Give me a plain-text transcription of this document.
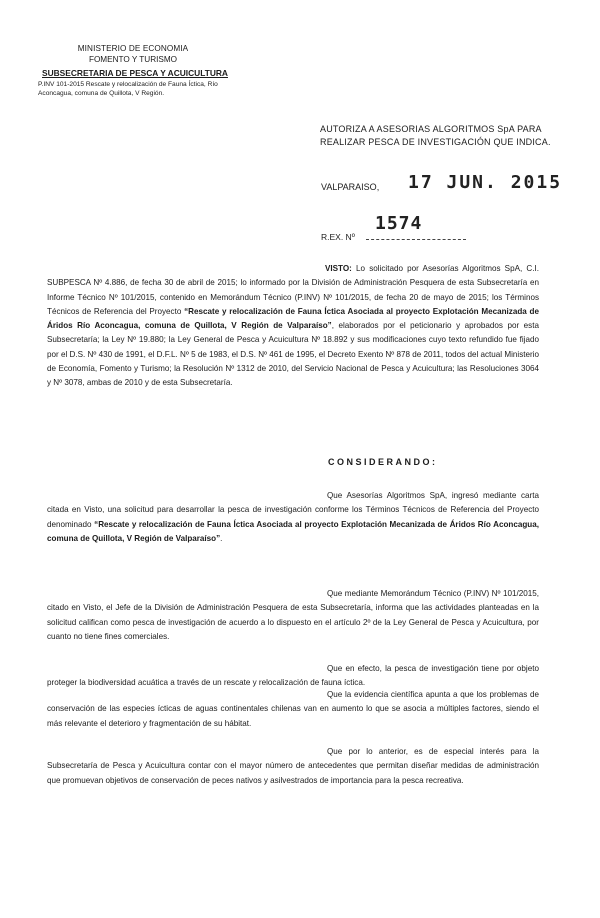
MINISTERIO DE ECONOMIA
FOMENTO Y TURISMO
SUBSECRETARIA DE PESCA Y ACUICULTURA
P.INV 101-2015 Rescate y relocalización de Fauna Íctica, Río
Aconcagua, comuna de Quillota, V Región.
AUTORIZA A ASESORIAS ALGORITMOS SpA PARA
REALIZAR PESCA DE INVESTIGACIÓN QUE INDICA.
VALPARAISO, 17 JUN. 2015
R.EX. Nº
1574
VISTO: Lo solicitado por Asesorías Algoritmos SpA, C.I. SUBPESCA Nº 4.886, de fecha 30 de abril de 2015; lo informado por la División de Administración Pesquera de esta Subsecretaría en Informe Técnico Nº 101/2015, contenido en Memorándum Técnico (P.INV) Nº 101/2015, de fecha 20 de mayo de 2015; los Términos Técnicos de Referencia del Proyecto “Rescate y relocalización de Fauna Íctica Asociada al proyecto Explotación Mecanizada de Áridos Río Aconcagua, comuna de Quillota, V Región de Valparaíso”, elaborados por el peticionario y aprobados por esta Subsecretaría; la Ley Nº 19.880; la Ley General de Pesca y Acuicultura Nº 18.892 y sus modificaciones cuyo texto refundido fue fijado por el D.S. Nº 430 de 1991, el D.F.L. Nº 5 de 1983, el D.S. Nº 461 de 1995, el Decreto Exento Nº 878 de 2011, todos del actual Ministerio de Economía, Fomento y Turismo; la Resolución Nº 1312 de 2010, del Servicio Nacional de Pesca y Acuicultura; las Resoluciones 3064 y Nº 3078, ambas de 2010 y de esta Subsecretaría.
CONSIDERANDO:
Que Asesorías Algoritmos SpA, ingresó mediante carta citada en Visto, una solicitud para desarrollar la pesca de investigación conforme los Términos Técnicos de Referencia del Proyecto denominado “Rescate y relocalización de Fauna Íctica Asociada al proyecto Explotación Mecanizada de Áridos Río Aconcagua, comuna de Quillota, V Región de Valparaíso”.
Que mediante Memorándum Técnico (P.INV) Nº 101/2015, citado en Visto, el Jefe de la División de Administración Pesquera de esta Subsecretaría, informa que las actividades planteadas en la solicitud califican como pesca de investigación de acuerdo a lo dispuesto en el artículo 2º de la Ley General de Pesca y Acuicultura, por cuanto no tiene fines comerciales.
Que en efecto, la pesca de investigación tiene por objeto proteger la biodiversidad acuática a través de un rescate y relocalización de fauna íctica.
Que la evidencia científica apunta a que los problemas de conservación de las especies ícticas de aguas continentales chilenas van en aumento lo que se asocia a múltiples factores, siendo el más relevante el deterioro y fragmentación de su hábitat.
Que por lo anterior, es de especial interés para la Subsecretaría de Pesca y Acuicultura contar con el mayor número de antecedentes que permitan diseñar medidas de administración que promuevan objetivos de conservación de peces nativos y asilvestrados de importancia para la pesca recreativa.
